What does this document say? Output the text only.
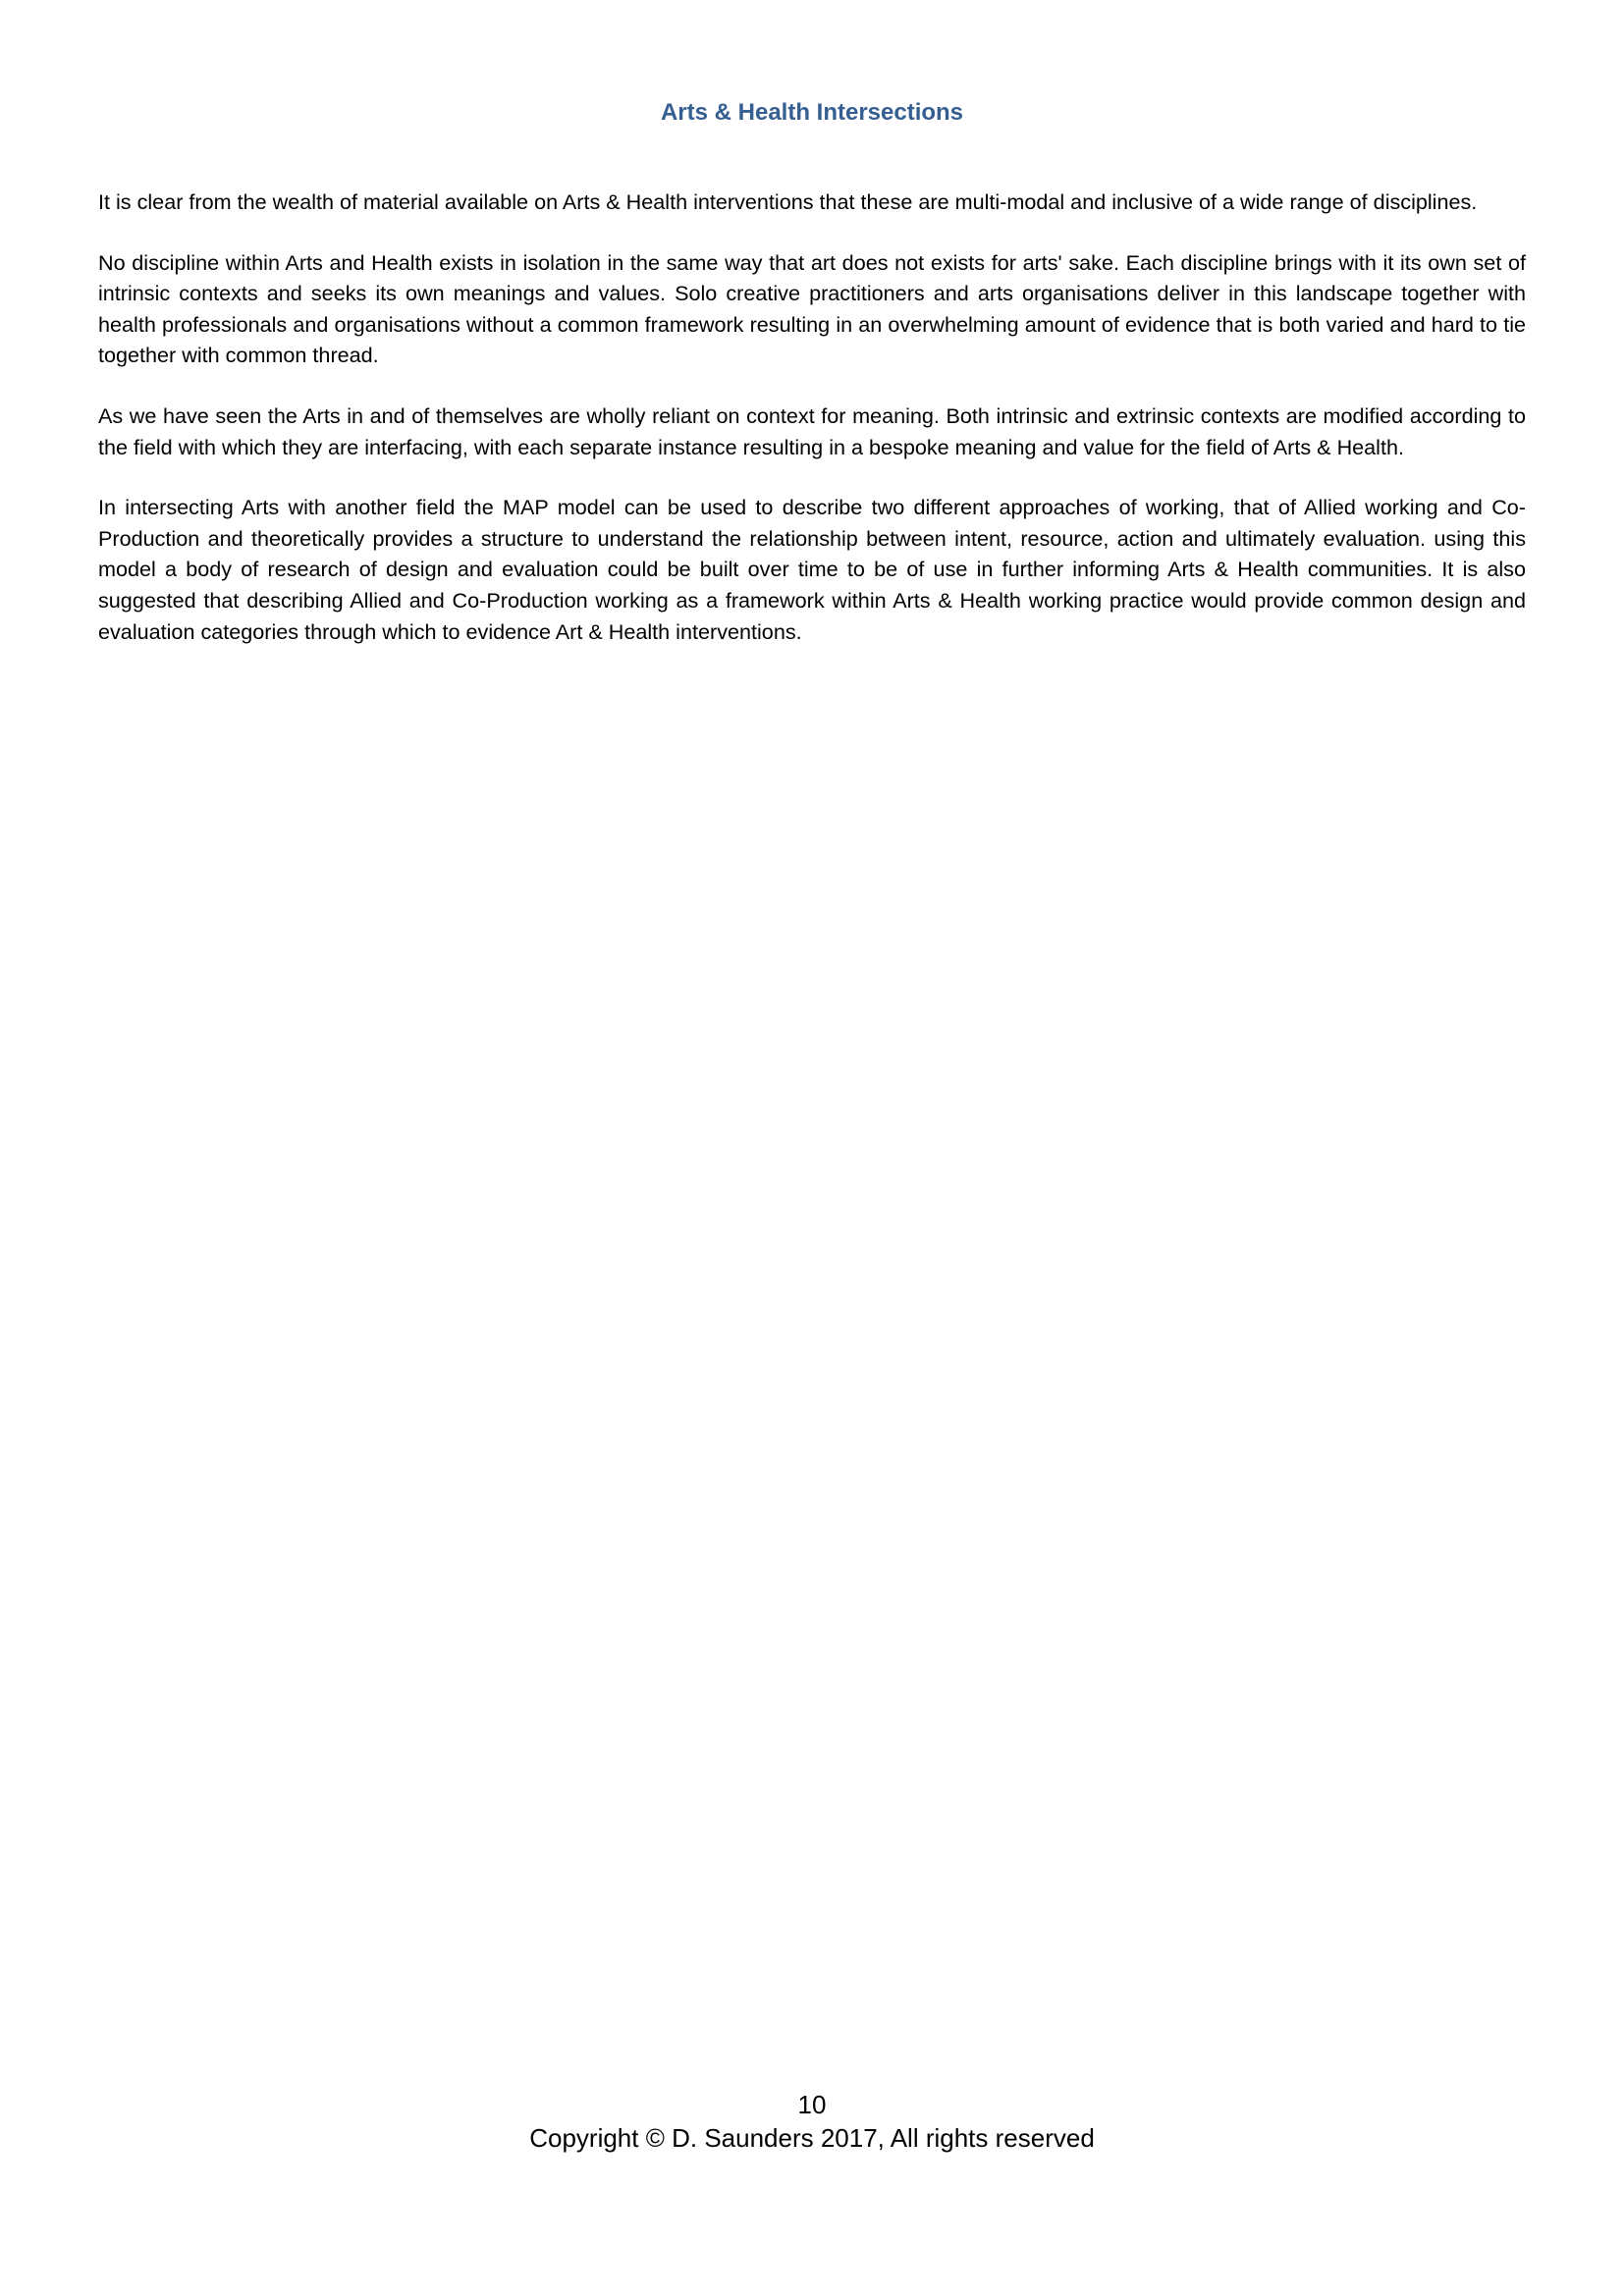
Arts & Health Intersections

It is clear from the wealth of material available on Arts & Health interventions that these are multi-modal and inclusive of a wide range of disciplines.

No discipline within Arts and Health exists in isolation in the same way that art does not exists for arts' sake. Each discipline brings with it its own set of intrinsic contexts and seeks its own meanings and values. Solo creative practitioners and arts organisations deliver in this landscape together with health professionals and organisations without a common framework resulting in an overwhelming amount of evidence that is both varied and hard to tie together with common thread.

As we have seen the Arts in and of themselves are wholly reliant on context for meaning. Both intrinsic and extrinsic contexts are modified according to the field with which they are interfacing, with each separate instance resulting in a bespoke meaning and value for the field of Arts & Health.

In intersecting Arts with another field the MAP model can be used to describe two different approaches of working, that of Allied working and Co-Production and theoretically provides a structure to understand the relationship between intent, resource, action and ultimately evaluation. using this model a body of research of design and evaluation could be built over time to be of use in further informing Arts & Health communities. It is also suggested that describing Allied and Co-Production working as a framework within Arts & Health working practice would provide common design and evaluation categories through which to evidence Art & Health interventions.

10
Copyright © D. Saunders 2017, All rights reserved
